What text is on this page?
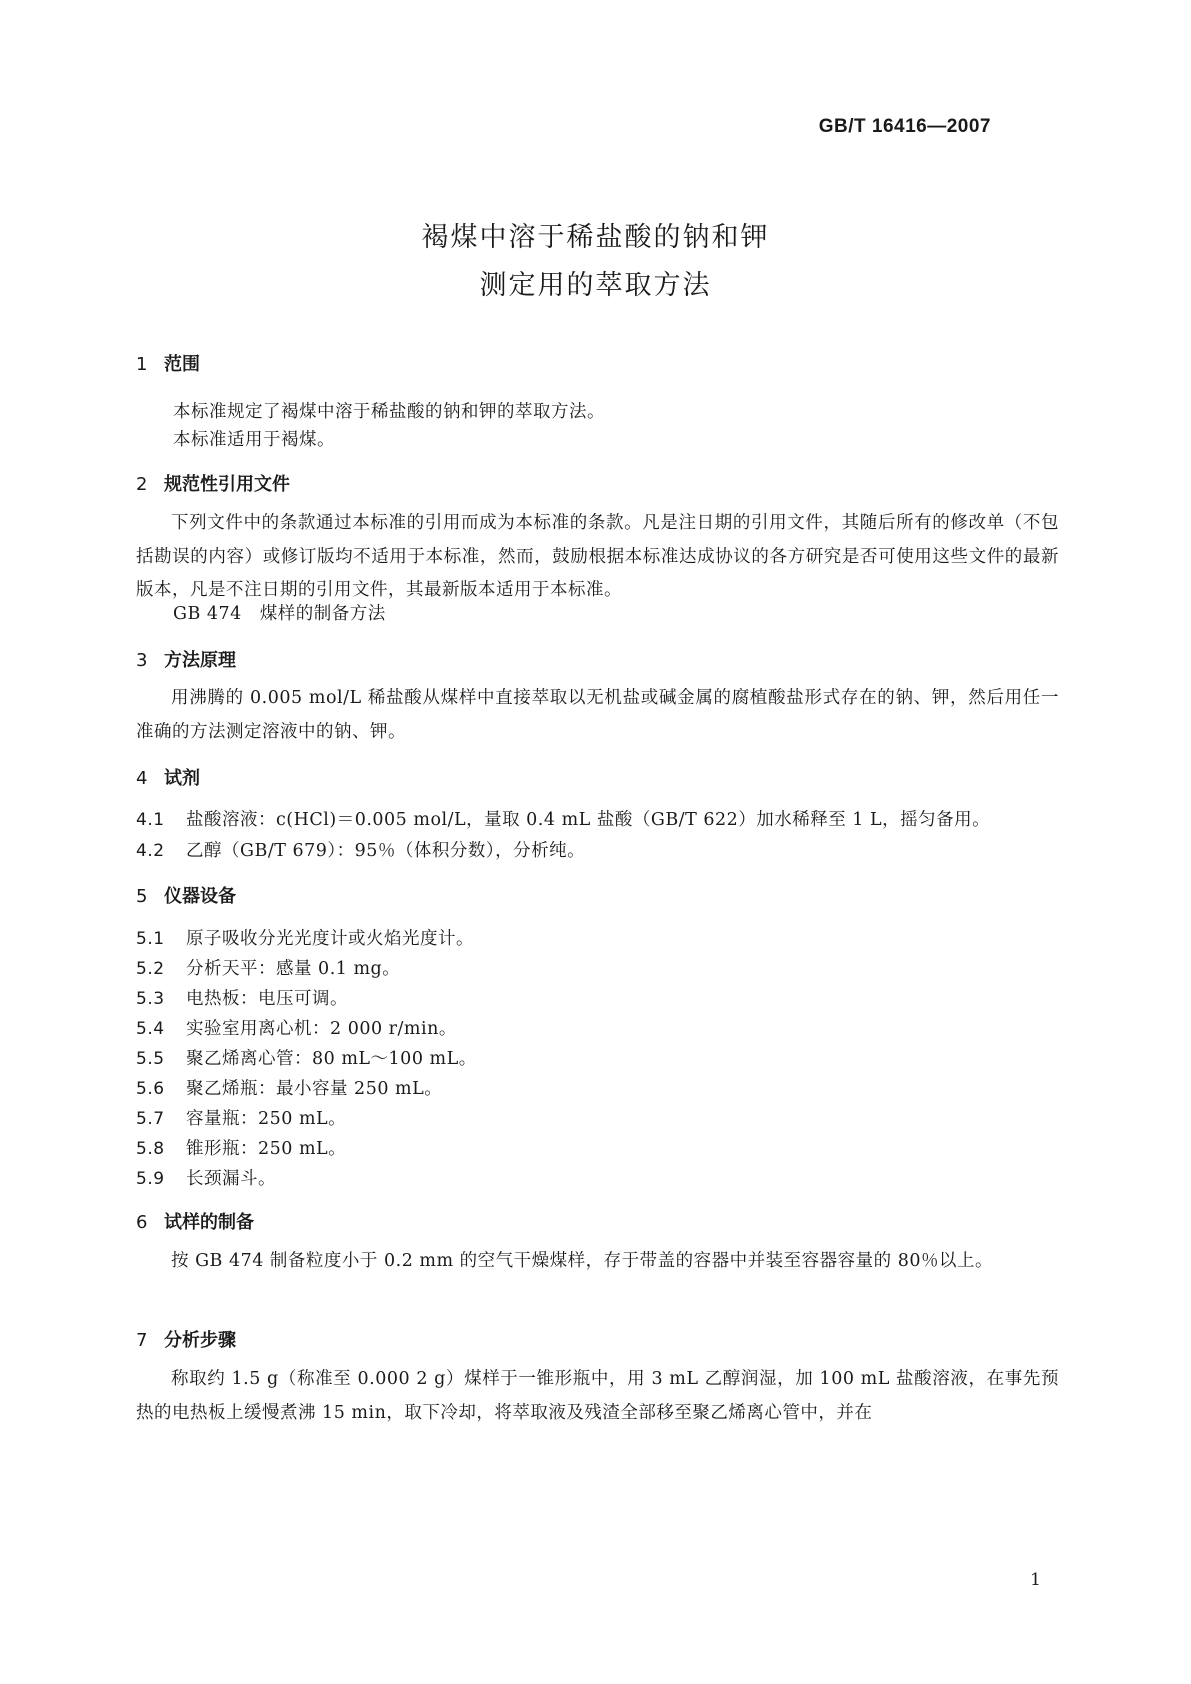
GB/T 16416—2007
褐煤中溶于稀盐酸的钠和钾
测定用的萃取方法
1 范围
本标准规定了褐煤中溶于稀盐酸的钠和钾的萃取方法。
本标准适用于褐煤。
2 规范性引用文件
下列文件中的条款通过本标准的引用而成为本标准的条款。凡是注日期的引用文件，其随后所有的修改单（不包括勘误的内容）或修订版均不适用于本标准，然而，鼓励根据本标准达成协议的各方研究是否可使用这些文件的最新版本，凡是不注日期的引用文件，其最新版本适用于本标准。
GB 474　煤样的制备方法
3 方法原理
用沸腾的 0.005 mol/L 稀盐酸从煤样中直接萃取以无机盐或碱金属的腐植酸盐形式存在的钠、钾，然后用任一准确的方法测定溶液中的钠、钾。
4 试剂
4.1 盐酸溶液：c(HCl)＝0.005 mol/L，量取 0.4 mL 盐酸（GB/T 622）加水稀释至 1 L，摇匀备用。
4.2 乙醇（GB/T 679）：95％（体积分数），分析纯。
5 仪器设备
5.1 原子吸收分光光度计或火焰光度计。
5.2 分析天平：感量 0.1 mg。
5.3 电热板：电压可调。
5.4 实验室用离心机：2 000 r/min。
5.5 聚乙烯离心管：80 mL～100 mL。
5.6 聚乙烯瓶：最小容量 250 mL。
5.7 容量瓶：250 mL。
5.8 锥形瓶：250 mL。
5.9 长颈漏斗。
6 试样的制备
按 GB 474 制备粒度小于 0.2 mm 的空气干燥煤样，存于带盖的容器中并装至容器容量的 80％以上。
7 分析步骤
称取约 1.5 g（称准至 0.000 2 g）煤样于一锥形瓶中，用 3 mL 乙醇润湿，加 100 mL 盐酸溶液，在事先预热的电热板上缓慢煮沸 15 min，取下冷却，将萃取液及残渣全部移至聚乙烯离心管中，并在
1
